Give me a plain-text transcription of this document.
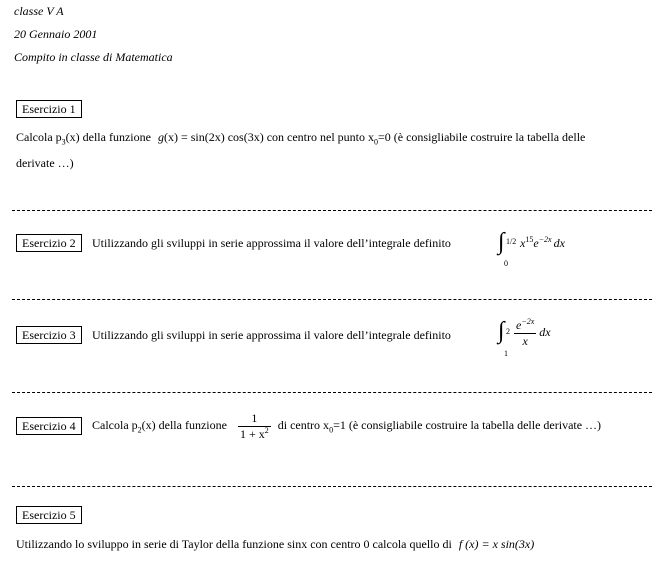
classe V A
20 Gennaio 2001
Compito in classe di Matematica
Esercizio 1
Calcola $p_3(x)$ della funzione g(x) = sin(2x) cos(3x) con centro nel punto $x_0=0$ (è consigliabile costruire la tabella delle
derivate …)
Esercizio 2	Utilizzando gli sviluppi in serie approssima il valore dell’integrale definito ∫ 1/2
0
$x^{15}e^{-2x}$ dx
Esercizio 3	Utilizzando gli sviluppi in serie approssima il valore dell’integrale definito ∫ 2
1
$\frac{e^{-2x}}{x}$ dx
Esercizio 4	Calcola $p_2(x)$ della funzione $\frac{1}{1 + x^2}$ di centro $x_0=1$ (è consigliabile costruire la tabella delle derivate …)
Esercizio 5
Utilizzando lo sviluppo in serie di Taylor della funzione sinx con centro 0 calcola quello di f (x) = x sin(3x)
